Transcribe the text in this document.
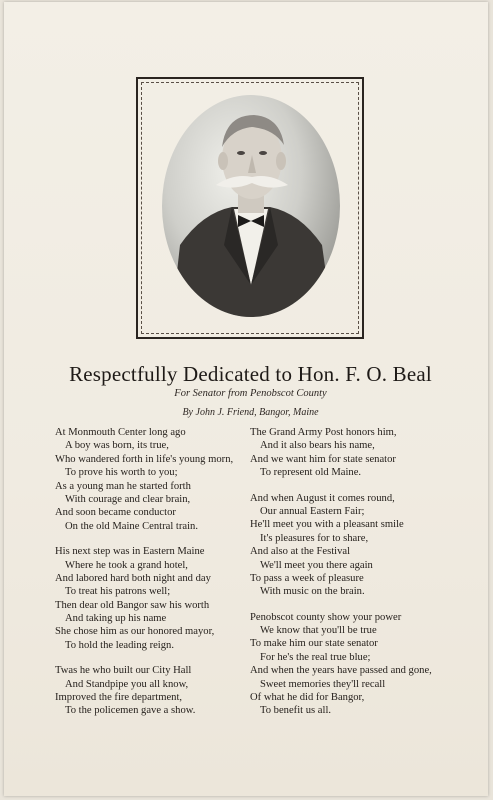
Respectfully Dedicated to Hon. F. O. Beal
For Senator from Penobscot County
By John J. Friend, Bangor, Maine
At Monmouth Center long ago
A boy was born, its true,
Who wandered forth in life's young morn,
To prove his worth to you;
As a young man he started forth
With courage and clear brain,
And soon became conductor
On the old Maine Central train.
His next step was in Eastern Maine
Where he took a grand hotel,
And labored hard both night and day
To treat his patrons well;
Then dear old Bangor saw his worth
And taking up his name
She chose him as our honored mayor,
To hold the leading reign.
Twas he who built our City Hall
And Standpipe you all know,
Improved the fire department,
To the policemen gave a show.
The Grand Army Post honors him,
And it also bears his name,
And we want him for state senator
To represent old Maine.
And when August it comes round,
Our annual Eastern Fair;
He'll meet you with a pleasant smile
It's pleasures for to share,
And also at the Festival
We'll meet you there again
To pass a week of pleasure
With music on the brain.
Penobscot county show your power
We know that you'll be true
To make him our state senator
For he's the real true blue;
And when the years have passed and gone,
Sweet memories they'll recall
Of what he did for Bangor,
To benefit us all.
